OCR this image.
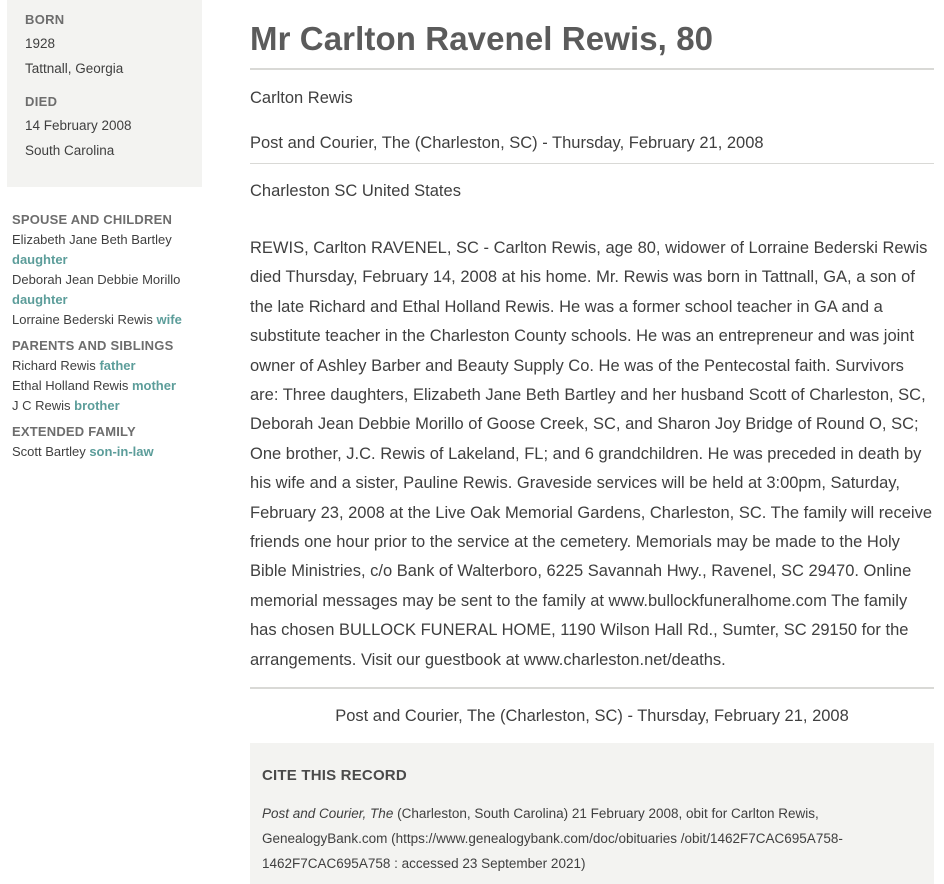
BORN
1928
Tattnall, Georgia
DIED
14 February 2008
South Carolina
SPOUSE AND CHILDREN
Elizabeth Jane Beth Bartley daughter
Deborah Jean Debbie Morillo daughter
Lorraine Bederski Rewis wife
PARENTS AND SIBLINGS
Richard Rewis father
Ethal Holland Rewis mother
J C Rewis brother
EXTENDED FAMILY
Scott Bartley son-in-law
Mr Carlton Ravenel Rewis, 80
Carlton Rewis
Post and Courier, The (Charleston, SC) - Thursday, February 21, 2008
Charleston SC United States

REWIS, Carlton RAVENEL, SC - Carlton Rewis, age 80, widower of Lorraine Bederski Rewis died Thursday, February 14, 2008 at his home. Mr. Rewis was born in Tattnall, GA, a son of the late Richard and Ethal Holland Rewis. He was a former school teacher in GA and a substitute teacher in the Charleston County schools. He was an entrepreneur and was joint owner of Ashley Barber and Beauty Supply Co. He was of the Pentecostal faith. Survivors are: Three daughters, Elizabeth Jane Beth Bartley and her husband Scott of Charleston, SC, Deborah Jean Debbie Morillo of Goose Creek, SC, and Sharon Joy Bridge of Round O, SC; One brother, J.C. Rewis of Lakeland, FL; and 6 grandchildren. He was preceded in death by his wife and a sister, Pauline Rewis. Graveside services will be held at 3:00pm, Saturday, February 23, 2008 at the Live Oak Memorial Gardens, Charleston, SC. The family will receive friends one hour prior to the service at the cemetery. Memorials may be made to the Holy Bible Ministries, c/o Bank of Walterboro, 6225 Savannah Hwy., Ravenel, SC 29470. Online memorial messages may be sent to the family at www.bullockfuneralhome.com The family has chosen BULLOCK FUNERAL HOME, 1190 Wilson Hall Rd., Sumter, SC 29150 for the arrangements. Visit our guestbook at www.charleston.net/deaths.

Post and Courier, The (Charleston, SC) - Thursday, February 21, 2008
CITE THIS RECORD
Post and Courier, The (Charleston, South Carolina) 21 February 2008, obit for Carlton Rewis, GenealogyBank.com (https://www.genealogybank.com/doc/obituaries /obit/1462F7CAC695A758-1462F7CAC695A758 : accessed 23 September 2021)
